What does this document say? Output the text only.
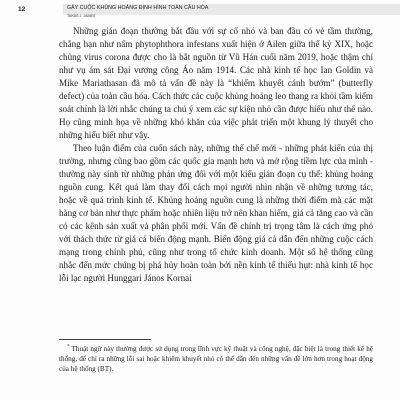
12	GÂY CUỘC KHỦNG HOẢNG ĐỊNH HÌNH TOÀN CẦU HÓA
TAKAS J. JAMES

Những gián đoạn thường bắt đầu với sự cố nhỏ và ban đầu có vẻ tầm thường, chẳng hạn như nấm phytophthora infestans xuất hiện ở Ailen giữa thế kỷ XIX, hoặc chủng virus corona được cho là bắt nguồn từ Vũ Hán cuối năm 2019, hoặc thậm chí như vụ ám sát Đại vương công Áo năm 1914. Các nhà kinh tế học Ian Goldin và Mike Mariathasan đã mô tả vấn đề này là “khiếm khuyết cánh bướm” (butterfly defect) của toàn cầu hóa. Cách thức các cuộc khủng hoảng leo thang ra khỏi tầm kiểm soát chính là lời nhắc chúng ta chú ý xem các sự kiện nhỏ cần được hiểu như thế nào. Họ cũng minh họa về những khó khăn của việc phát triển một khung lý thuyết cho những hiểu biết như vậy.

Theo luận điểm của cuốn sách này, những thế chế mới - những phát kiến của thị trường, nhưng cũng bao gồm các quốc gia mạnh hơn và mở rộng tiềm lực của mình - thường này sinh từ những phản ứng đối với một kiểu gián đoạn cụ thể: khủng hoảng nguồn cung. Kết quả làm thay đổi cách mọi người nhìn nhận về những tương tác, hoặc về quá trình kinh tế. Khủng hoảng nguồn cung là những thời điểm mà các mặt hàng cơ bản như thực phẩm hoặc nhiên liệu trở nên khan hiếm, giá cả tăng cao và cần có các kênh sản xuất và phân phối mới. Vấn đề chính trị trọng tâm là cách ứng phó với thách thức từ giá cả biến động mạnh. Biến động giá cả dẫn đến những cuộc cách mạng trong chính phủ, cũng như trong tổ chức kinh doanh. Một số hệ thống cũng nhắc đến mức chúng bị phá hủy hoàn toàn bởi nền kinh tế thiếu hụt: nhà kinh tế học lỗi lạc người Hunggari János Kornai

* Thuật ngữ này thường được sử dụng trong lĩnh vực kỹ thuật và công nghệ, đặc biệt là trong thiết kế hệ thống, để chỉ ra những lỗi sai hoặc khiếm khuyết nhỏ có thể dẫn đến những vấn đề lớn hơn trong hoạt động của hệ thống (BT).
